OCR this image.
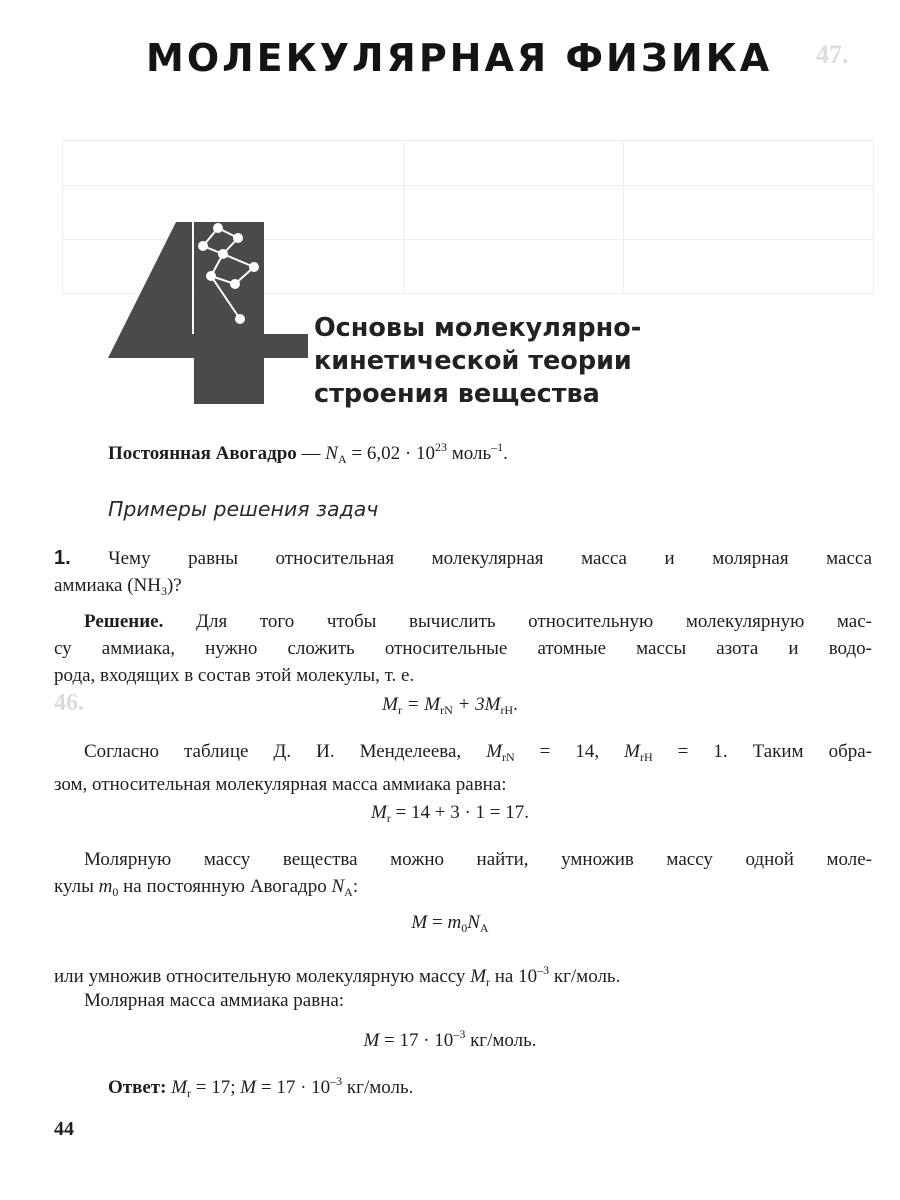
47.
46.
МОЛЕКУЛЯРНАЯ ФИЗИКА
Основы молекулярно-
кинетической теории
строения вещества
Постоянная Авогадро — $N_A = 6,02 \cdot 10^{23}$ моль$^{-1}$.
Примеры решения задач
1. Чему равны относительная молекулярная масса и молярная масса
аммиака $(NH_3)$?
Решение. Для того чтобы вычислить относительную молекулярную мас-
су аммиака, нужно сложить относительные атомные массы азота и водо-
рода, входящих в состав этой молекулы, т. е.
$M_r = M_{rN} + 3M_{rH}$.
Согласно таблице Д. И. Менделеева, $M_{rN} = 14$, $M_{rH} = 1$. Таким обра-
зом, относительная молекулярная масса аммиака равна:
$M_r = 14 + 3 \cdot 1 = 17$.
Молярную массу вещества можно найти, умножив массу одной моле-
кулы $m_0$ на постоянную Авогадро $N_A$:
$M = m_0N_A$
или умножив относительную молекулярную массу $M_r$ на $10^{-3}$ кг/моль.
Молярная масса аммиака равна:
$M = 17 \cdot 10^{-3}$ кг/моль.
Ответ: $M_r = 17$; $M = 17 \cdot 10^{-3}$ кг/моль.
44
